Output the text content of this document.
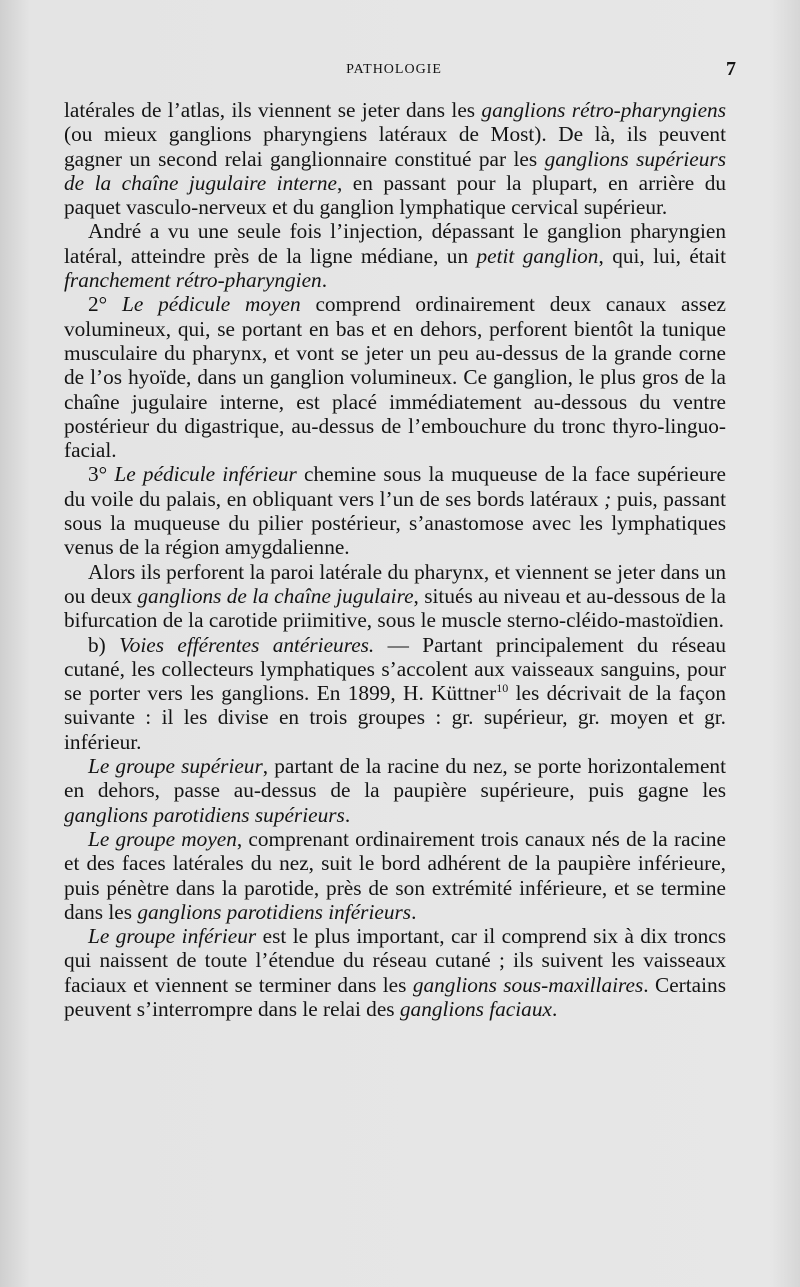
PATHOLOGIE	7

latérales de l’atlas, ils viennent se jeter dans les ganglions rétro-pharyngiens (ou mieux ganglions pharyngiens latéraux de Most). De là, ils peuvent gagner un second relai ganglionnaire constitué par les ganglions supérieurs de la chaîne jugulaire interne, en passant pour la plupart, en arrière du paquet vasculo-nerveux et du ganglion lymphatique cervical supérieur.

André a vu une seule fois l’injection, dépassant le ganglion pharyngien latéral, atteindre près de la ligne médiane, un petit ganglion, qui, lui, était franchement rétro-pharyngien.

2° Le pédicule moyen comprend ordinairement deux canaux assez volumineux, qui, se portant en bas et en dehors, perforent bientôt la tunique musculaire du pharynx, et vont se jeter un peu au-dessus de la grande corne de l’os hyoïde, dans un ganglion volumineux. Ce ganglion, le plus gros de la chaîne jugulaire interne, est placé immédiatement au-dessous du ventre postérieur du digastrique, au-dessus de l’embouchure du tronc thyro-linguo-facial.

3° Le pédicule inférieur chemine sous la muqueuse de la face supérieure du voile du palais, en obliquant vers l’un de ses bords latéraux ; puis, passant sous la muqueuse du pilier postérieur, s’anastomose avec les lymphatiques venus de la région amygdalienne.

Alors ils perforent la paroi latérale du pharynx, et viennent se jeter dans un ou deux ganglions de la chaîne jugulaire, situés au niveau et au-dessous de la bifurcation de la carotide priimitive, sous le muscle sterno-cléido-mastoïdien.

b) Voies efférentes antérieures. — Partant principalement du réseau cutané, les collecteurs lymphatiques s’accolent aux vaisseaux sanguins, pour se porter vers les ganglions. En 1899, H. Küttner$^{10}$ les décrivait de la façon suivante : il les divise en trois groupes : gr. supérieur, gr. moyen et gr. inférieur.

Le groupe supérieur, partant de la racine du nez, se porte horizontalement en dehors, passe au-dessus de la paupière supérieure, puis gagne les ganglions parotidiens supérieurs.

Le groupe moyen, comprenant ordinairement trois canaux nés de la racine et des faces latérales du nez, suit le bord adhérent de la paupière inférieure, puis pénètre dans la parotide, près de son extrémité inférieure, et se termine dans les ganglions parotidiens inférieurs.

Le groupe inférieur est le plus important, car il comprend six à dix troncs qui naissent de toute l’étendue du réseau cutané ; ils suivent les vaisseaux faciaux et viennent se terminer dans les ganglions sous-maxillaires. Certains peuvent s’interrompre dans le relai des ganglions faciaux.
